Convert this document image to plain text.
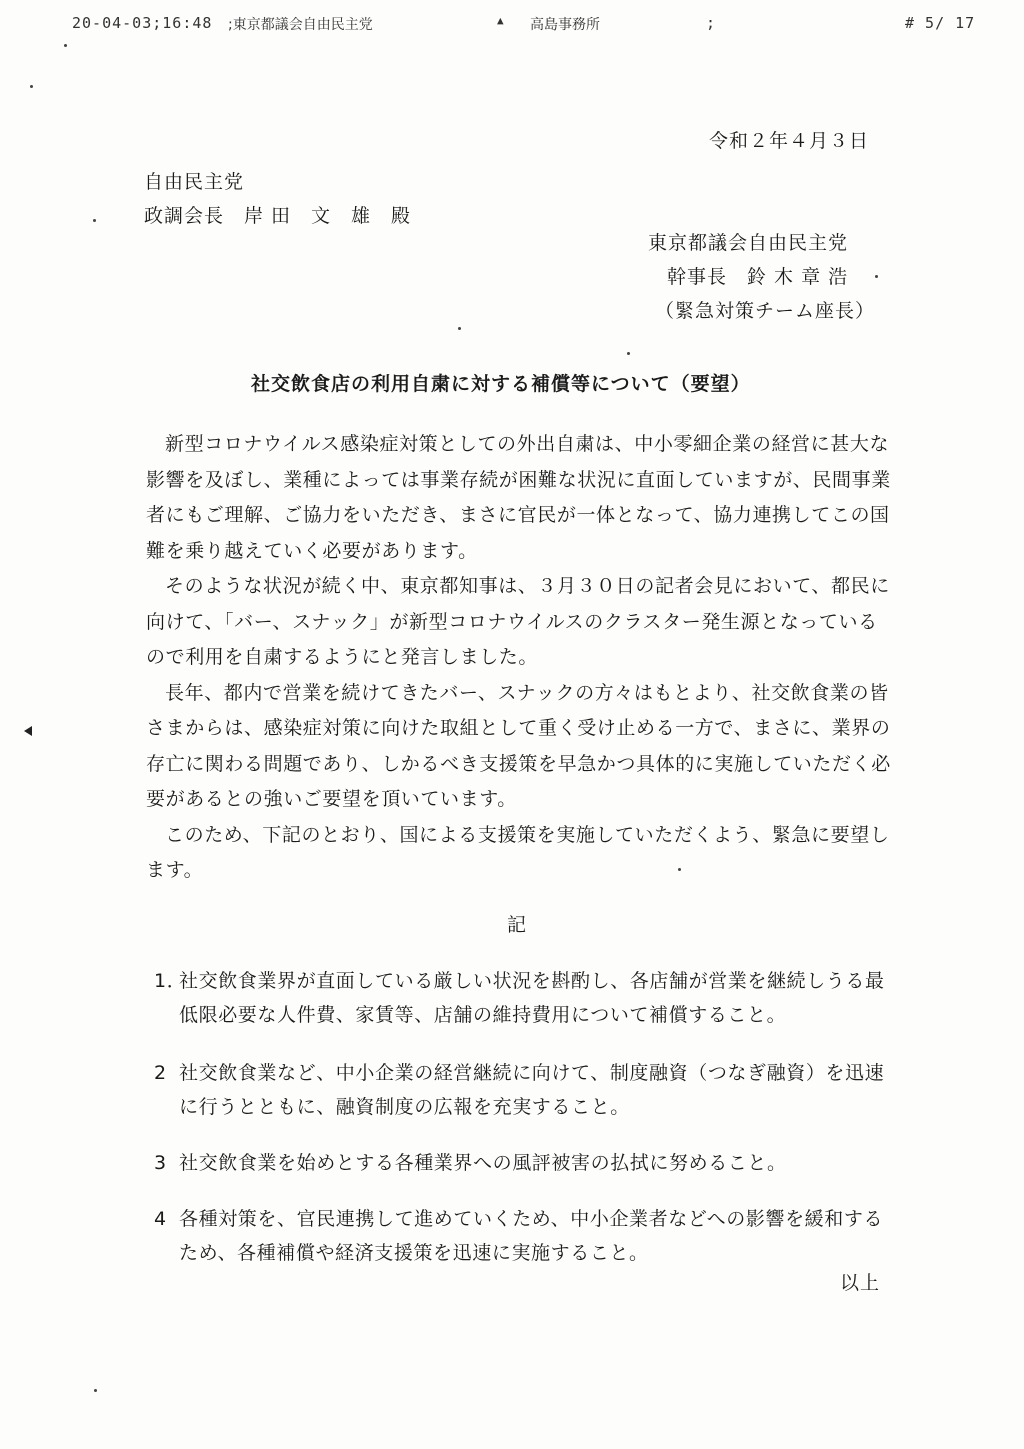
20-04-03;16:48 ;東京都議会自由民主党	▲ 高島事務所	;	# 5/ 17
令和２年４月３日
自由民主党
政調会長　岸 田　文　雄　殿
東京都議会自由民主党
幹事長　鈴 木 章 浩
（緊急対策チーム座長）
社交飲食店の利用自粛に対する補償等について（要望）

新型コロナウイルス感染症対策としての外出自粛は、中小零細企業の経営に甚大な影響を及ぼし、業種によっては事業存続が困難な状況に直面していますが、民間事業者にもご理解、ご協力をいただき、まさに官民が一体となって、協力連携してこの国難を乗り越えていく必要があります。

そのような状況が続く中、東京都知事は、３月３０日の記者会見において、都民に向けて、「バー、スナック」が新型コロナウイルスのクラスター発生源となっているので利用を自粛するようにと発言しました。

長年、都内で営業を続けてきたバー、スナックの方々はもとより、社交飲食業の皆さまからは、感染症対策に向けた取組として重く受け止める一方で、まさに、業界の存亡に関わる問題であり、しかるべき支援策を早急かつ具体的に実施していただく必要があるとの強いご要望を頂いています。

このため、下記のとおり、国による支援策を実施していただくよう、緊急に要望します。

記
1．
社交飲食業界が直面している厳しい状況を斟酌し、各店舗が営業を継続しうる最低限必要な人件費、家賃等、店舗の維持費用について補償すること。
2 社交飲食業など、中小企業の経営継続に向けて、制度融資（つなぎ融資）を迅速に行うとともに、融資制度の広報を充実すること。
3 社交飲食業を始めとする各種業界への風評被害の払拭に努めること。
4 各種対策を、官民連携して進めていくため、中小企業者などへの影響を緩和するため、各種補償や経済支援策を迅速に実施すること。
以上
